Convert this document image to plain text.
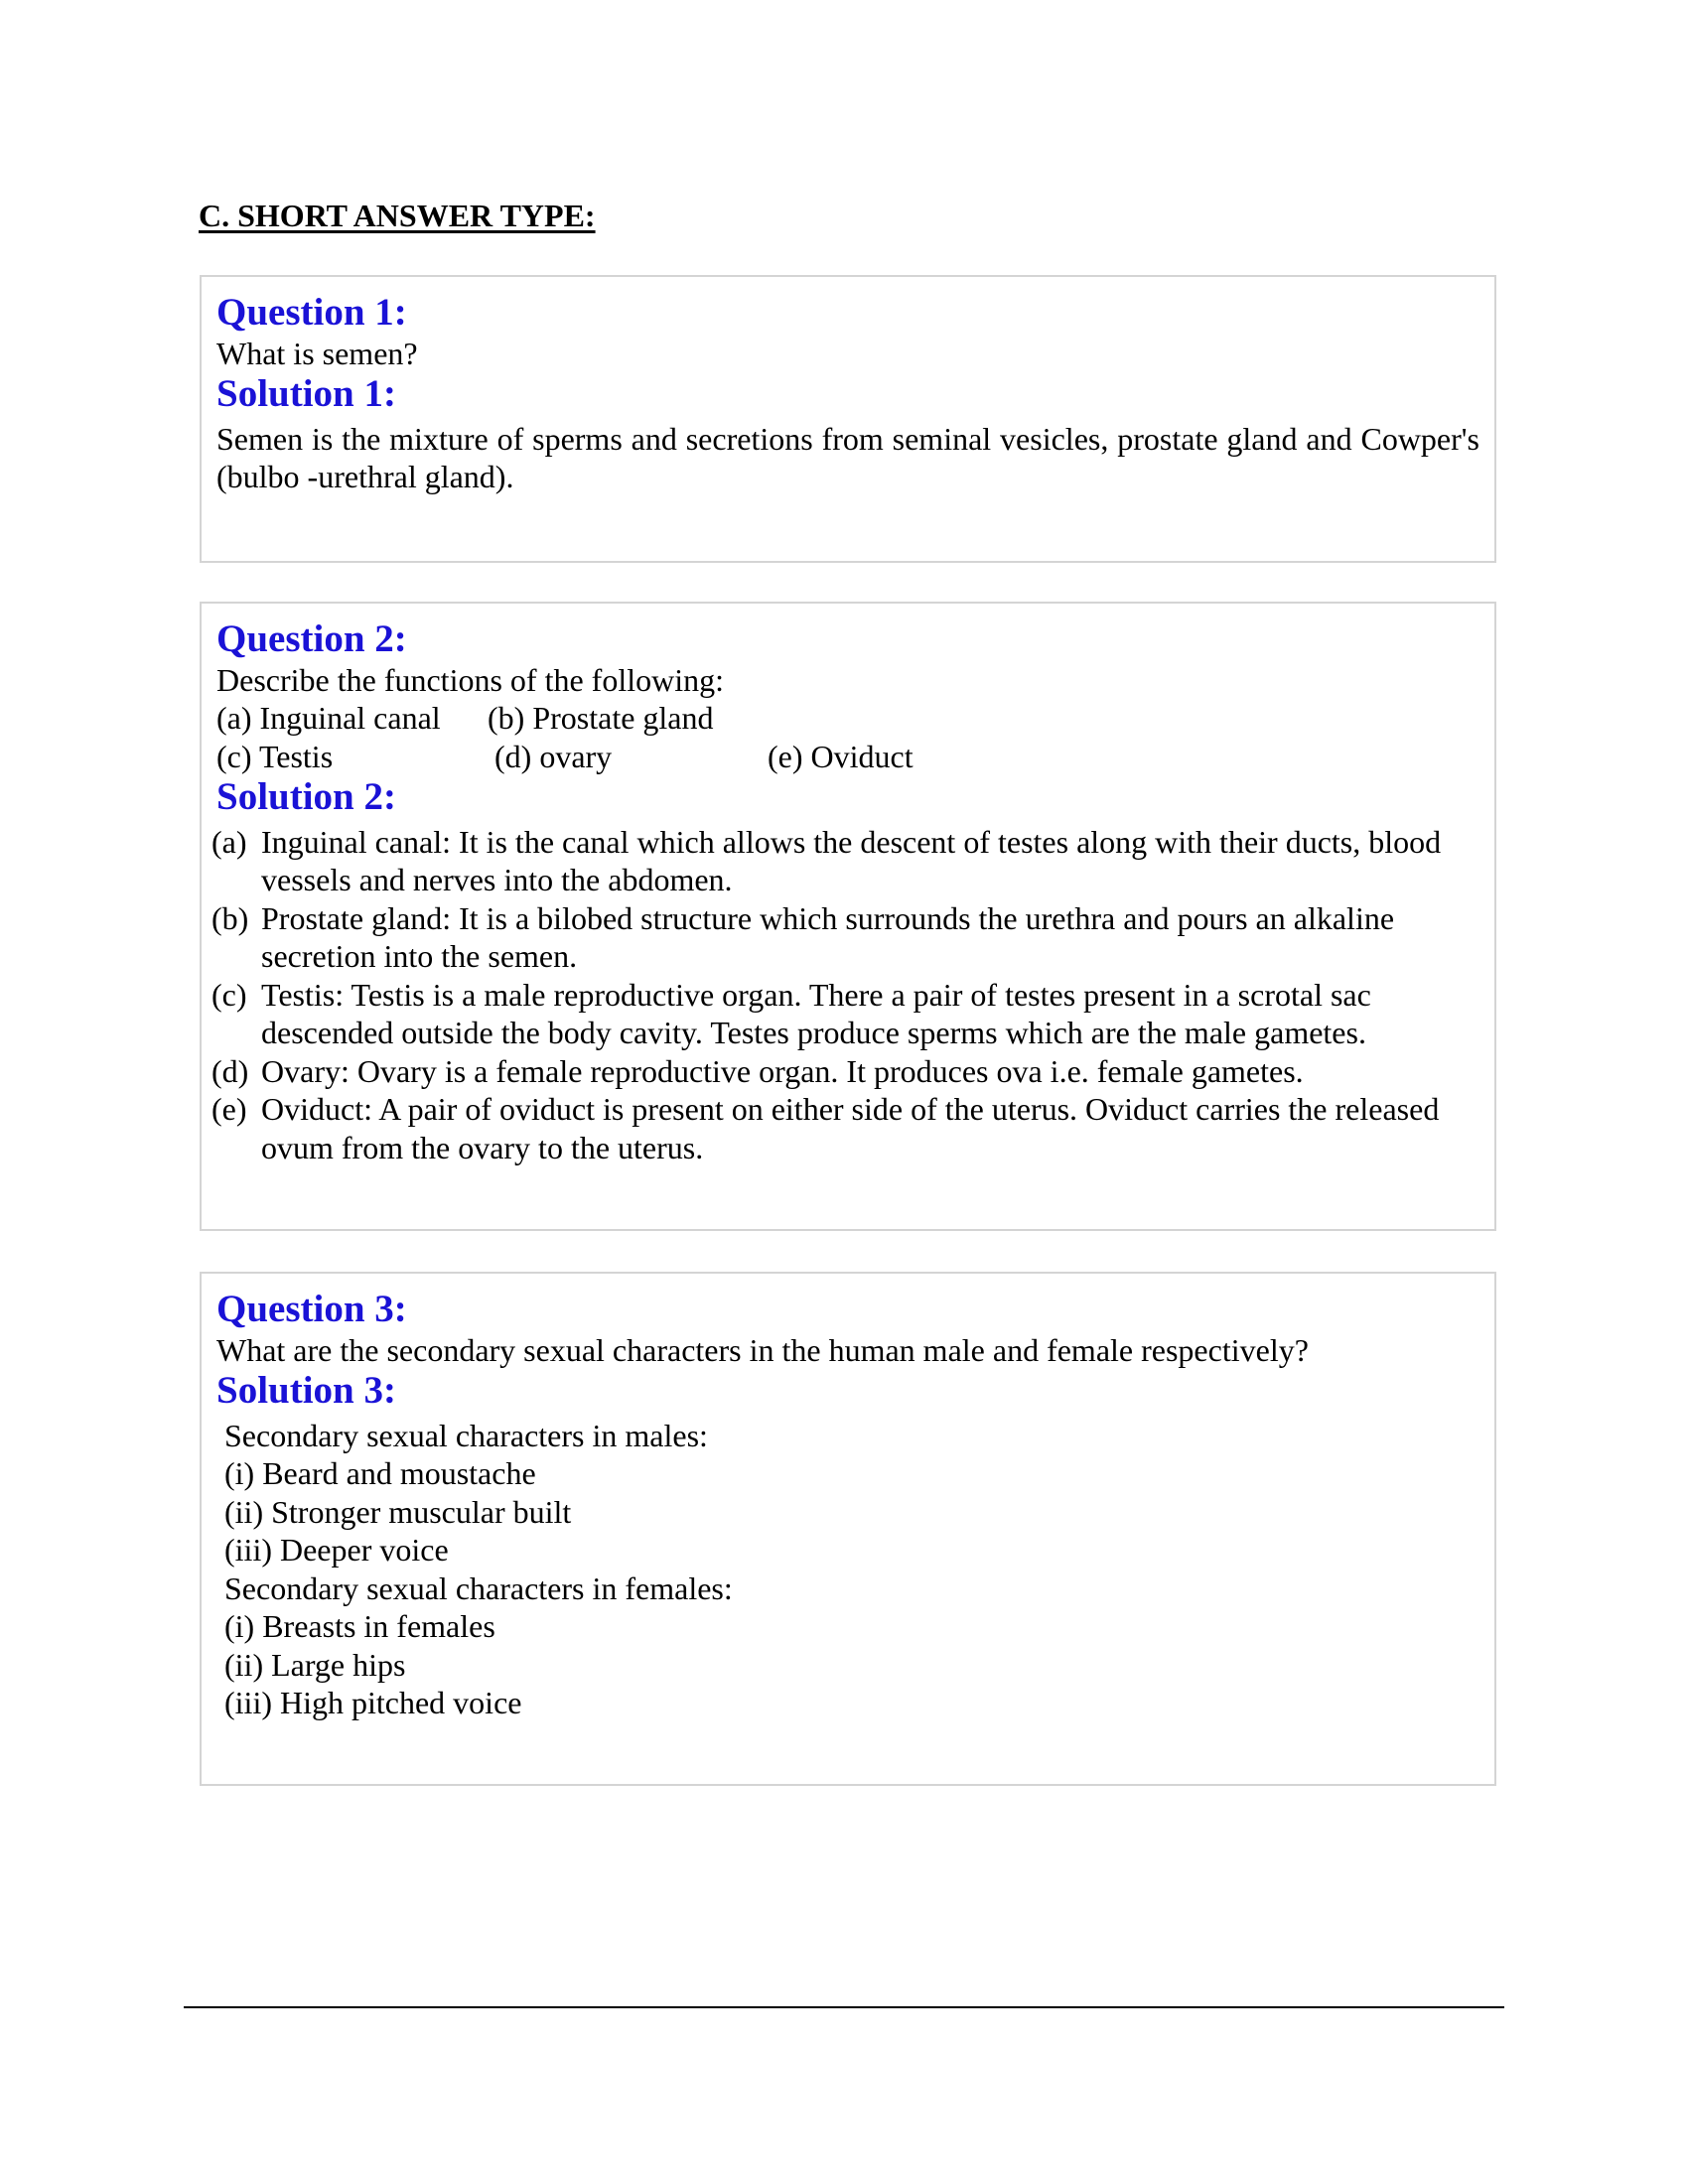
C. SHORT ANSWER TYPE:
Question 1:
What is semen?
Solution 1:
Semen is the mixture of sperms and secretions from seminal vesicles, prostate gland and Cowper's (bulbo -urethral gland).
Question 2:
Describe the functions of the following:
(a) Inguinal canal (b) Prostate gland
(c) Testis	(d) ovary	(e) Oviduct
Solution 2:
(a) Inguinal canal: It is the canal which allows the descent of testes along with their ducts, blood vessels and nerves into the abdomen.
(b) Prostate gland: It is a bilobed structure which surrounds the urethra and pours an alkaline secretion into the semen.
(c) Testis: Testis is a male reproductive organ. There a pair of testes present in a scrotal sac descended outside the body cavity. Testes produce sperms which are the male gametes.
(d) Ovary: Ovary is a female reproductive organ. It produces ova i.e. female gametes.
(e) Oviduct: A pair of oviduct is present on either side of the uterus. Oviduct carries the released ovum from the ovary to the uterus.
Question 3:
What are the secondary sexual characters in the human male and female respectively?
Solution 3:
Secondary sexual characters in males:
(i) Beard and moustache
(ii) Stronger muscular built
(iii) Deeper voice
Secondary sexual characters in females:
(i) Breasts in females
(ii) Large hips
(iii) High pitched voice
